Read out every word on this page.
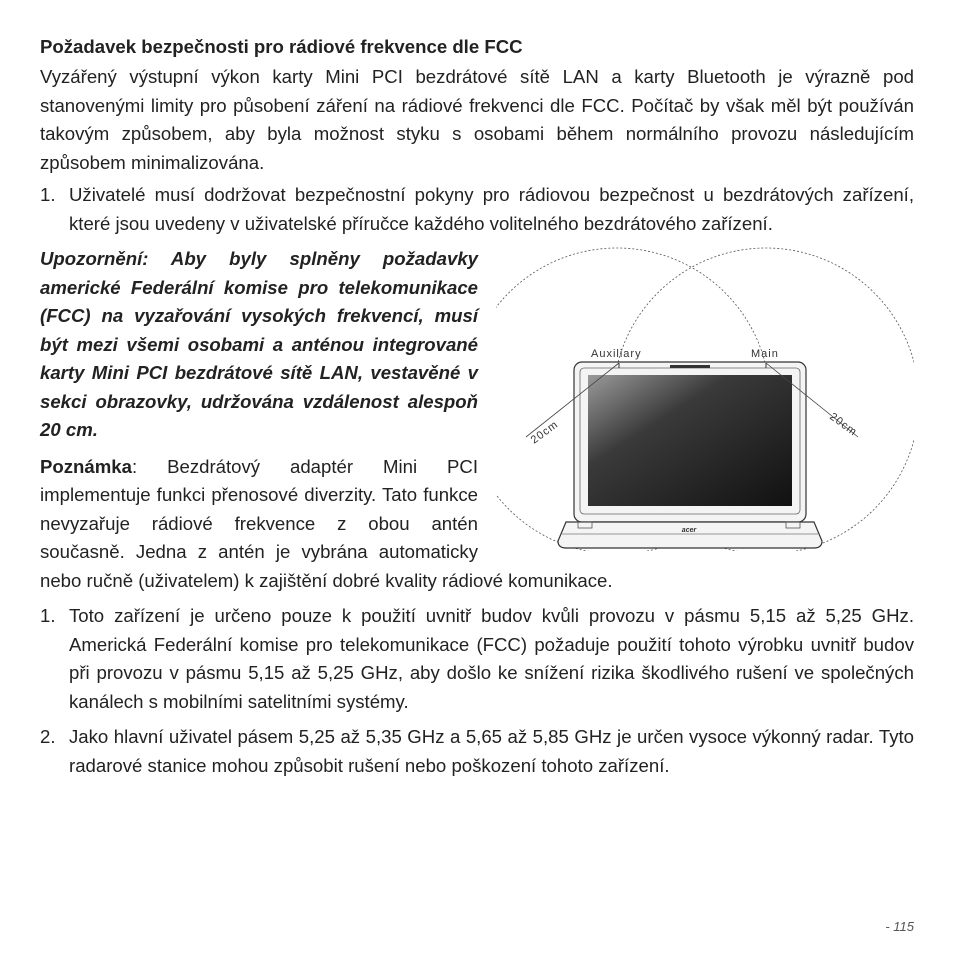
Požadavek bezpečnosti pro rádiové frekvence dle FCC

Vyzářený výstupní výkon karty Mini PCI bezdrátové sítě LAN a karty Bluetooth je výrazně pod stanovenými limity pro působení záření na rádiové frekvenci dle FCC. Počítač by však měl být používán takovým způsobem, aby byla možnost styku s osobami během normálního provozu následujícím způsobem minimalizována.

1. Uživatelé musí dodržovat bezpečnostní pokyny pro rádiovou bezpečnost u bezdrátových zařízení, které jsou uvedeny v uživatelské příručce každého volitelného bezdrátového zařízení.
Auxiliary	Main
20cm	20cm
acer

Upozornění: Aby byly splněny požadavky americké Federální komise pro telekomunikace (FCC) na vyzařování vysokých frekvencí, musí být mezi všemi osobami a anténou integrované karty Mini PCI bezdrátové sítě LAN, vestavěné v sekci obrazovky, udržována vzdálenost alespoň 20 cm.

Poznámka: Bezdrátový adaptér Mini PCI implementuje funkci přenosové diverzity. Tato funkce nevyzařuje rádiové frekvence z obou antén současně. Jedna z antén je vybrána automaticky nebo ručně (uživatelem) k zajištění dobré kvality rádiové komunikace.

1. Toto zařízení je určeno pouze k použití uvnitř budov kvůli provozu v pásmu 5,15 až 5,25 GHz. Americká Federální komise pro telekomunikace (FCC) požaduje použití tohoto výrobku uvnitř budov při provozu v pásmu 5,15 až 5,25 GHz, aby došlo ke snížení rizika škodlivého rušení ve společných kanálech s mobilními satelitními systémy.
2. Jako hlavní uživatel pásem 5,25 až 5,35 GHz a 5,65 až 5,85 GHz je určen vysoce výkonný radar. Tyto radarové stanice mohou způsobit rušení nebo poškození tohoto zařízení.
- 115
